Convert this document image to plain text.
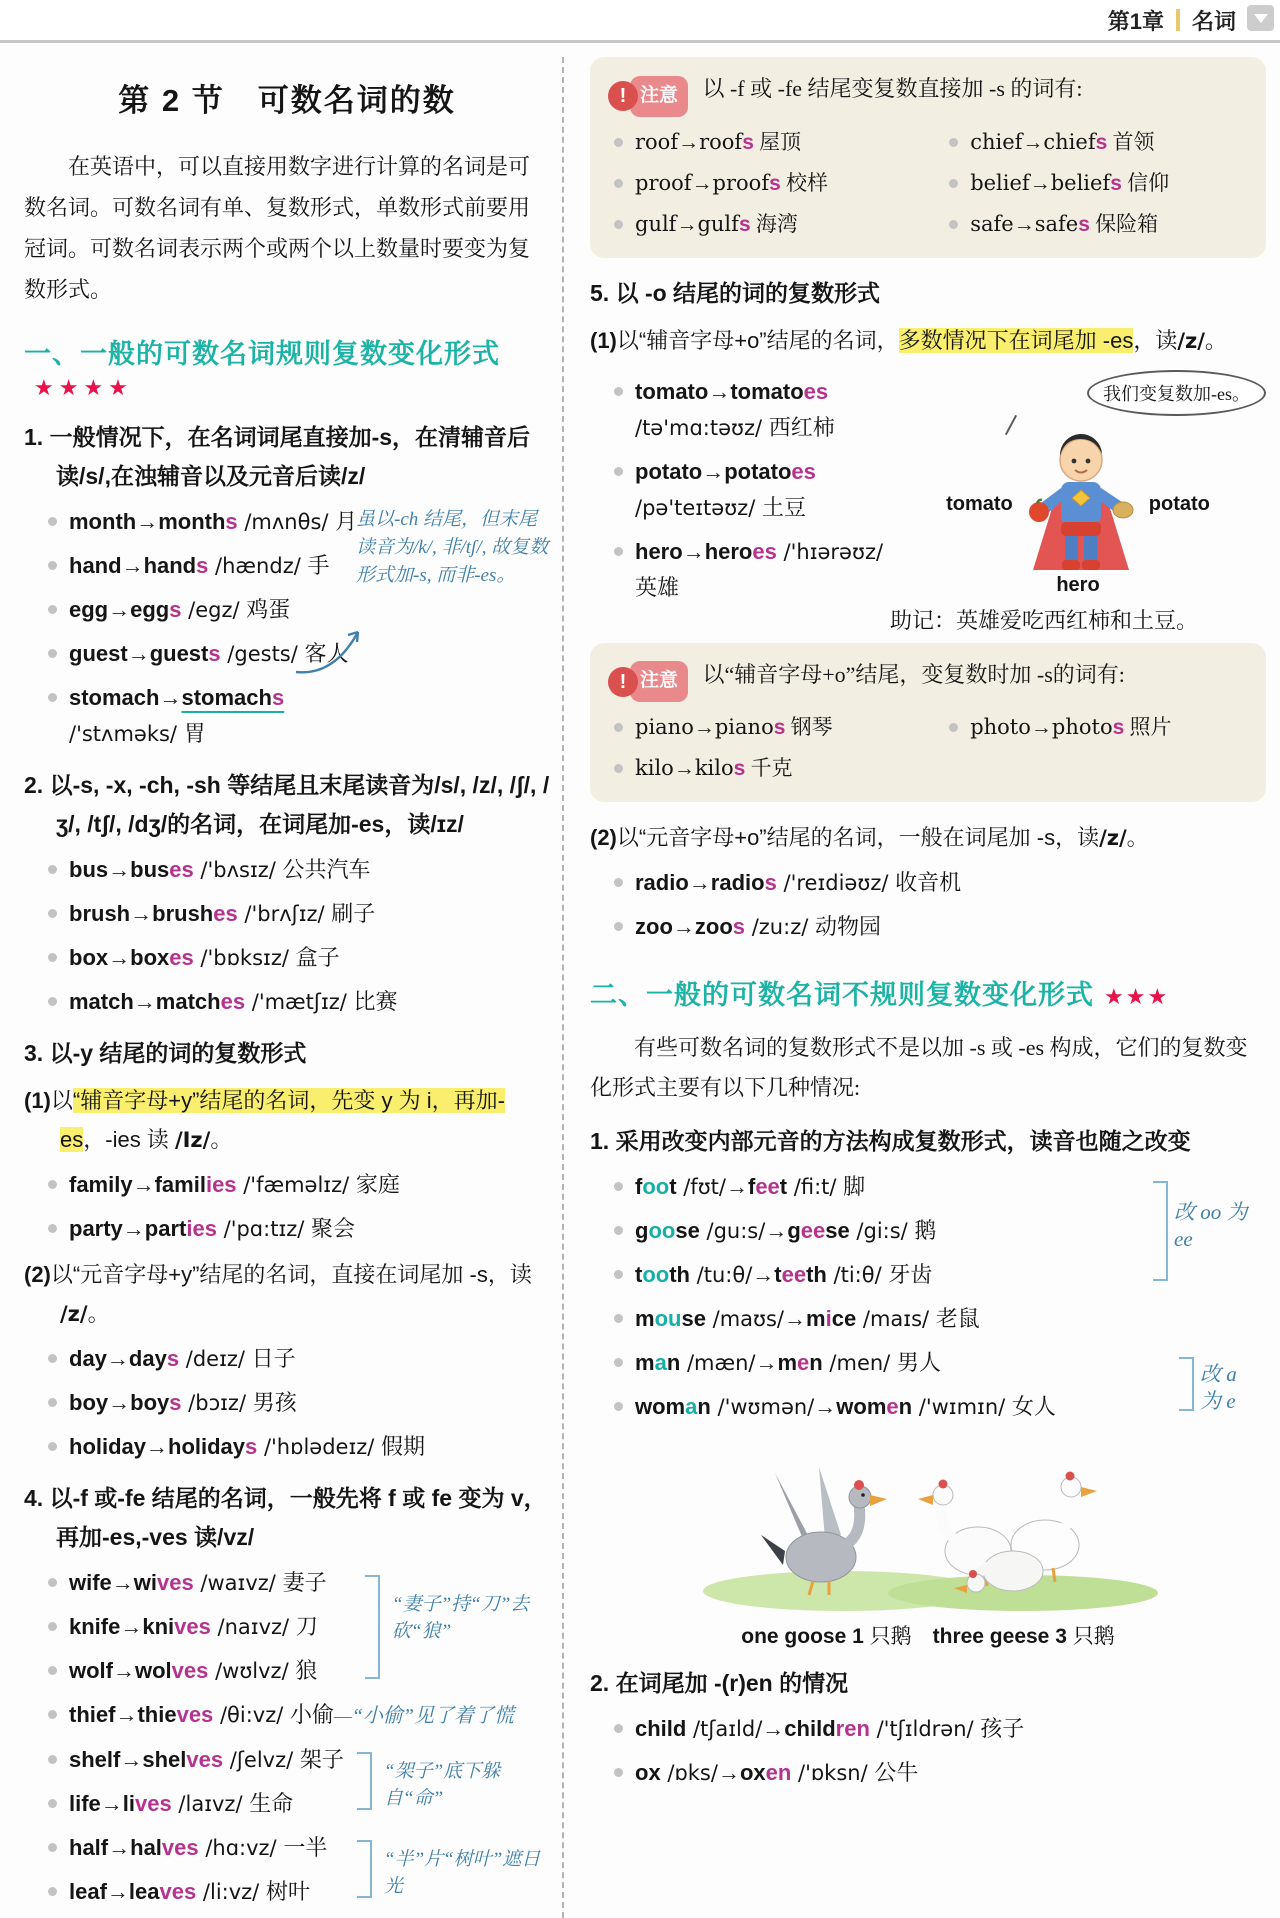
第1章 名词
第 2 节　可数名词的数

在英语中，可以直接用数字进行计算的名词是可数名词。可数名词有单、复数形式，单数形式前要用冠词。可数名词表示两个或两个以上数量时要变为复数形式。

一、一般的可数名词规则复数变化形式★★★★
1. 一般情况下，在名词词尾直接加-s，在清辅音后读/s/,在浊辅音以及元音后读/z/
month→months /mʌnθs/ 月
hand→hands /hændz/ 手
egg→eggs /egz/ 鸡蛋
guest→guests /gests/ 客人
stomach→stomachs /'stʌməks/ 胃
虽以-ch 结尾，但末尾读音为/k/, 非/tʃ/, 故复数形式加-s, 而非-es。
2. 以-s, -x, -ch, -sh 等结尾且末尾读音为/s/, /z/, /ʃ/, /ʒ/, /tʃ/, /dʒ/的名词，在词尾加-es，读/ɪz/
bus→buses /'bʌsɪz/ 公共汽车
brush→brushes /'brʌʃɪz/ 刷子
box→boxes /'bɒksɪz/ 盒子
match→matches /'mætʃɪz/ 比赛
3. 以-y 结尾的词的复数形式

(1)以“辅音字母+y”结尾的名词，先变 y 为 i，再加-es，-ies 读 /Iz/。

family→families /'fæməlɪz/ 家庭
party→parties /'pɑ:tɪz/ 聚会

(2)以“元音字母+y”结尾的名词，直接在词尾加 -s，读 /z/。

day→days /deɪz/ 日子
boy→boys /bɔɪz/ 男孩
holiday→holidays /'hɒlədeɪz/ 假期
4. 以-f 或-fe 结尾的名词，一般先将 f 或 fe 变为 v，再加-es,-ves 读/vz/
wife→wives /waɪvz/ 妻子
knife→knives /naɪvz/ 刀
wolf→wolves /wʊlvz/ 狼
“妻子”持“刀”去砍“狼”
thief→thieves /θi:vz/ 小偷—“小偷”见了着了慌
shelf→shelves /ʃelvz/ 架子
life→lives /laɪvz/ 生命
“架子”底下躲自“命”
half→halves /hɑ:vz/ 一半
leaf→leaves /li:vz/ 树叶
“半”片“树叶”遮日光
! 注意	以 -f 或 -fe 结尾变复数直接加 -s 的词有:
roof→roofs 屋顶
proof→proofs 校样
gulf→gulfs 海湾
chief→chiefs 首领
belief→beliefs 信仰
safe→safes 保险箱
5. 以 -o 结尾的词的复数形式

(1)以“辅音字母+o”结尾的名词，多数情况下在词尾加 -es，读/z/。

tomato→tomatoes /tə'mɑ:təʊz/ 西红柿
potato→potatoes /pə'teɪtəʊz/ 土豆
hero→heroes /'hɪərəʊz/ 英雄
我们变复数加-es。
tomato	potato
hero
助记：英雄爱吃西红柿和土豆。
! 注意	以“辅音字母+o”结尾，变复数时加 -s的词有:
piano→pianos 钢琴
kilo→kilos 千克
photo→photos 照片

(2)以“元音字母+o”结尾的名词，一般在词尾加 -s，读/z/。

radio→radios /'reɪdiəʊz/ 收音机
zoo→zoos /zu:z/ 动物园
二、一般的可数名词不规则复数变化形式 ★★★

有些可数名词的复数形式不是以加 -s 或 -es 构成，它们的复数变化形式主要有以下几种情况:

1. 采用改变内部元音的方法构成复数形式，读音也随之改变
foot /fʊt/→feet /fi:t/ 脚
goose /gu:s/→geese /gi:s/ 鹅
tooth /tu:θ/→teeth /ti:θ/ 牙齿
改 oo 为 ee
mouse /maʊs/→mice /maɪs/ 老鼠
man /mæn/→men /men/ 男人
woman /'wʊmən/→women /'wɪmɪn/ 女人
改 a 为 e
one goose 1 只鹅　three geese 3 只鹅
2. 在词尾加 -(r)en 的情况
child /tʃaɪld/→children /'tʃɪldrən/ 孩子
ox /ɒks/→oxen /'ɒksn/ 公牛
